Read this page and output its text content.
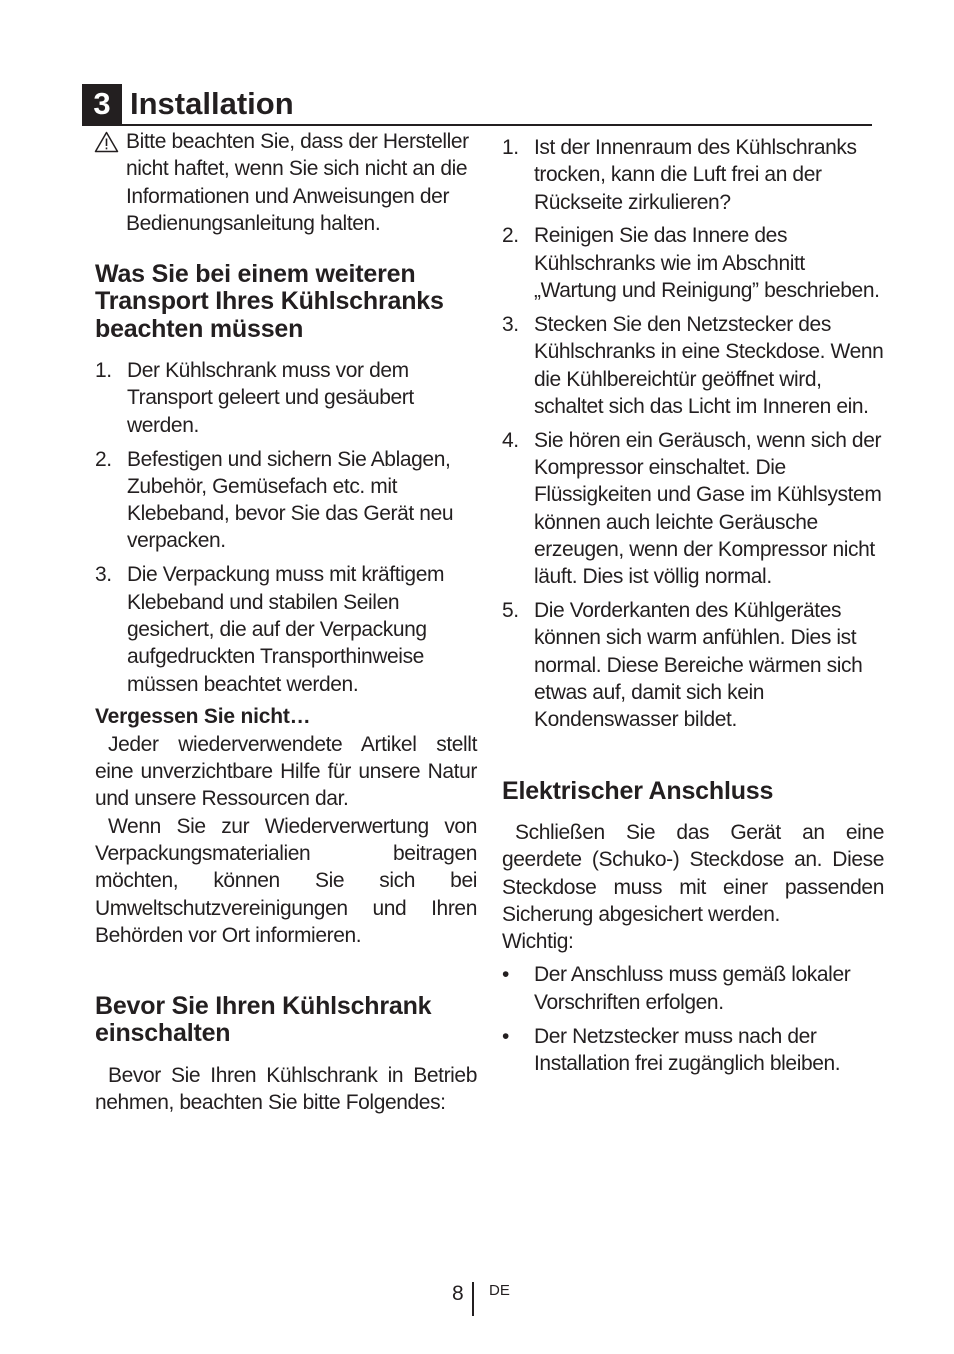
3 Installation

Bitte beachten Sie, dass der Hersteller nicht haftet, wenn Sie sich nicht an die Informationen und Anweisungen der Bedienungsanleitung halten.

Was Sie bei einem weiteren Transport Ihres Kühlschranks beachten müssen
1. Der Kühlschrank muss vor dem Transport geleert und gesäubert werden.
2. Befestigen und sichern Sie Ablagen, Zubehör, Gemüsefach etc. mit Klebeband, bevor Sie das Gerät neu verpacken.
3. Die Verpackung muss mit kräftigem Klebeband und stabilen Seilen gesichert, die auf der Verpackung aufgedruckten Transporthinweise müssen beachtet werden.
Vergessen Sie nicht…

Jeder wiederverwendete Artikel stellt eine unverzichtbare Hilfe für unsere Natur und unsere Ressourcen dar.

Wenn Sie zur Wiederverwertung von Verpackungsmaterialien beitragen möchten, können Sie sich bei Umweltschutzvereinigungen und Ihren Behörden vor Ort informieren.

Bevor Sie Ihren Kühlschrank einschalten

Bevor Sie Ihren Kühlschrank in Betrieb nehmen, beachten Sie bitte Folgendes:

1. Ist der Innenraum des Kühlschranks trocken, kann die Luft frei an der Rückseite zirkulieren?
2. Reinigen Sie das Innere des Kühlschranks wie im Abschnitt „Wartung und Reinigung” beschrieben.
3. Stecken Sie den Netzstecker des Kühlschranks in eine Steckdose. Wenn die Kühlbereichtür geöffnet wird, schaltet sich das Licht im Inneren ein.
4. Sie hören ein Geräusch, wenn sich der Kompressor einschaltet. Die Flüssigkeiten und Gase im Kühlsystem können auch leichte Geräusche erzeugen, wenn der Kompressor nicht läuft. Dies ist völlig normal.
5. Die Vorderkanten des Kühlgerätes können sich warm anfühlen. Dies ist normal. Diese Bereiche wärmen sich etwas auf, damit sich kein Kondenswasser bildet.
Elektrischer Anschluss

Schließen Sie das Gerät an eine geerdete (Schuko-) Steckdose an. Diese Steckdose muss mit einer passenden Sicherung abgesichert werden.

Wichtig:

• Der Anschluss muss gemäß lokaler Vorschriften erfolgen.
• Der Netzstecker muss nach der Installation frei zugänglich bleiben.
8 DE
